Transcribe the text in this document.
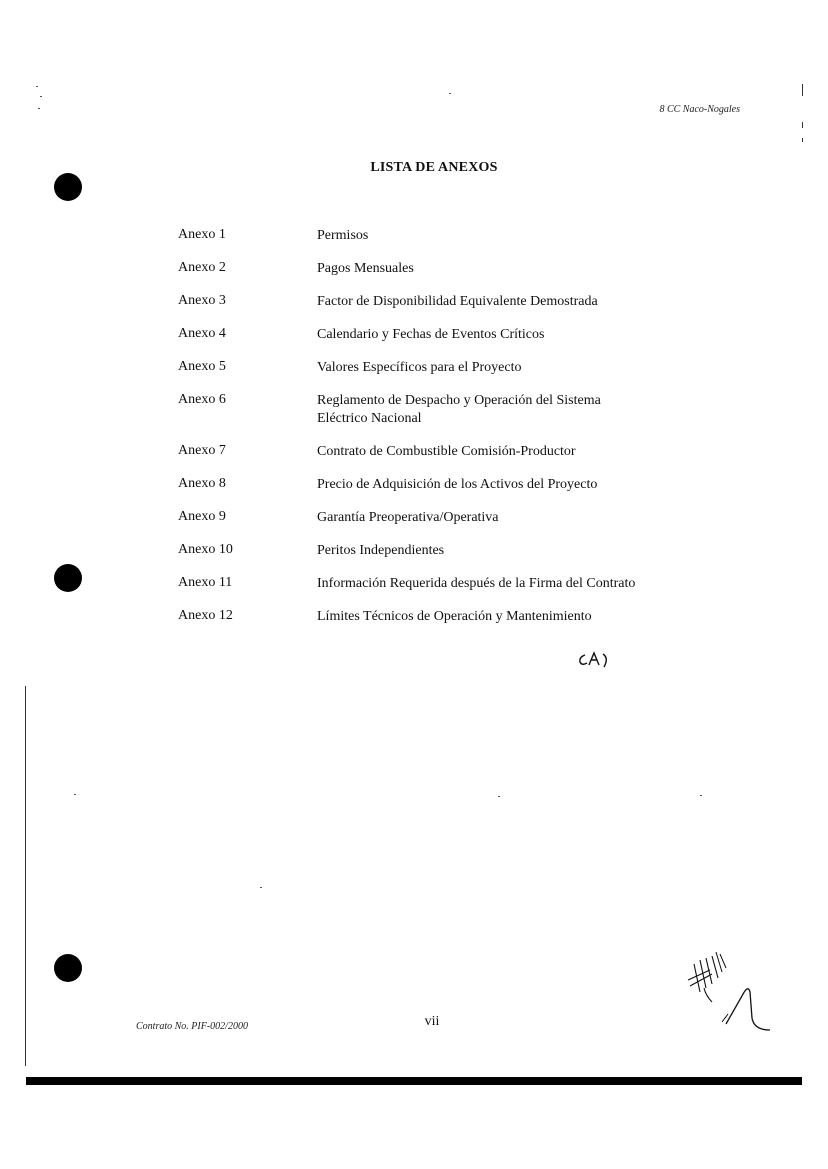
8 CC Naco-Nogales
LISTA DE ANEXOS
Anexo 1	Permisos
Anexo 2	Pagos Mensuales
Anexo 3	Factor de Disponibilidad Equivalente Demostrada
Anexo 4	Calendario y Fechas de Eventos Críticos
Anexo 5	Valores Específicos para el Proyecto
Anexo 6	Reglamento de Despacho y Operación del Sistema Eléctrico Nacional
Anexo 7	Contrato de Combustible Comisión-Productor
Anexo 8	Precio de Adquisición de los Activos del Proyecto
Anexo 9	Garantía Preoperativa/Operativa
Anexo 10	Peritos Independientes
Anexo 11	Información Requerida después de la Firma del Contrato
Anexo 12	Límites Técnicos de Operación y Mantenimiento
Contrato No. PIF-002/2000	vii
